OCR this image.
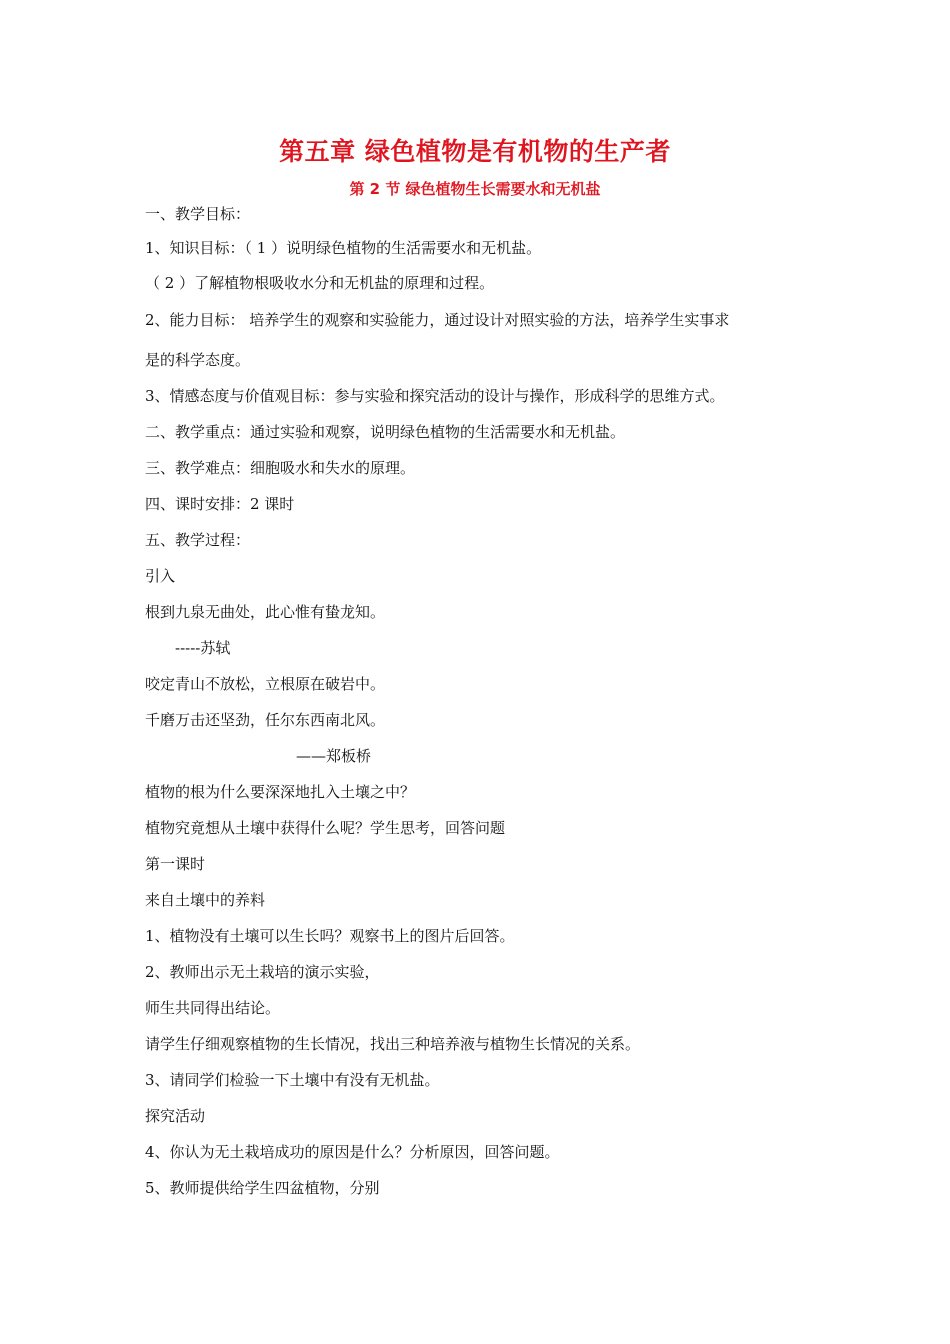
第五章 绿色植物是有机物的生产者
第 2 节 绿色植物生长需要水和无机盐
一、教学目标：
1、知识目标：（ 1 ）说明绿色植物的生活需要水和无机盐。
（ 2 ）了解植物根吸收水分和无机盐的原理和过程。
2、能力目标： 培养学生的观察和实验能力，通过设计对照实验的方法，培养学生实事求
是的科学态度。
3、情感态度与价值观目标：参与实验和探究活动的设计与操作，形成科学的思维方式。
二、教学重点：通过实验和观察，说明绿色植物的生活需要水和无机盐。
三、教学难点：细胞吸水和失水的原理。
四、课时安排：2 课时
五、教学过程：
引入
根到九泉无曲处，此心惟有蛰龙知。
-----苏轼
咬定青山不放松，立根原在破岩中。
千磨万击还坚劲，任尔东西南北风。
——郑板桥
植物的根为什么要深深地扎入土壤之中？
植物究竟想从土壤中获得什么呢？学生思考，回答问题
第一课时
来自土壤中的养料
1、植物没有土壤可以生长吗？观察书上的图片后回答。
2、教师出示无土栽培的演示实验，
师生共同得出结论。
请学生仔细观察植物的生长情况，找出三种培养液与植物生长情况的关系。
3、请同学们检验一下土壤中有没有无机盐。
探究活动
4、你认为无土栽培成功的原因是什么？分析原因，回答问题。
5、教师提供给学生四盆植物，分别
